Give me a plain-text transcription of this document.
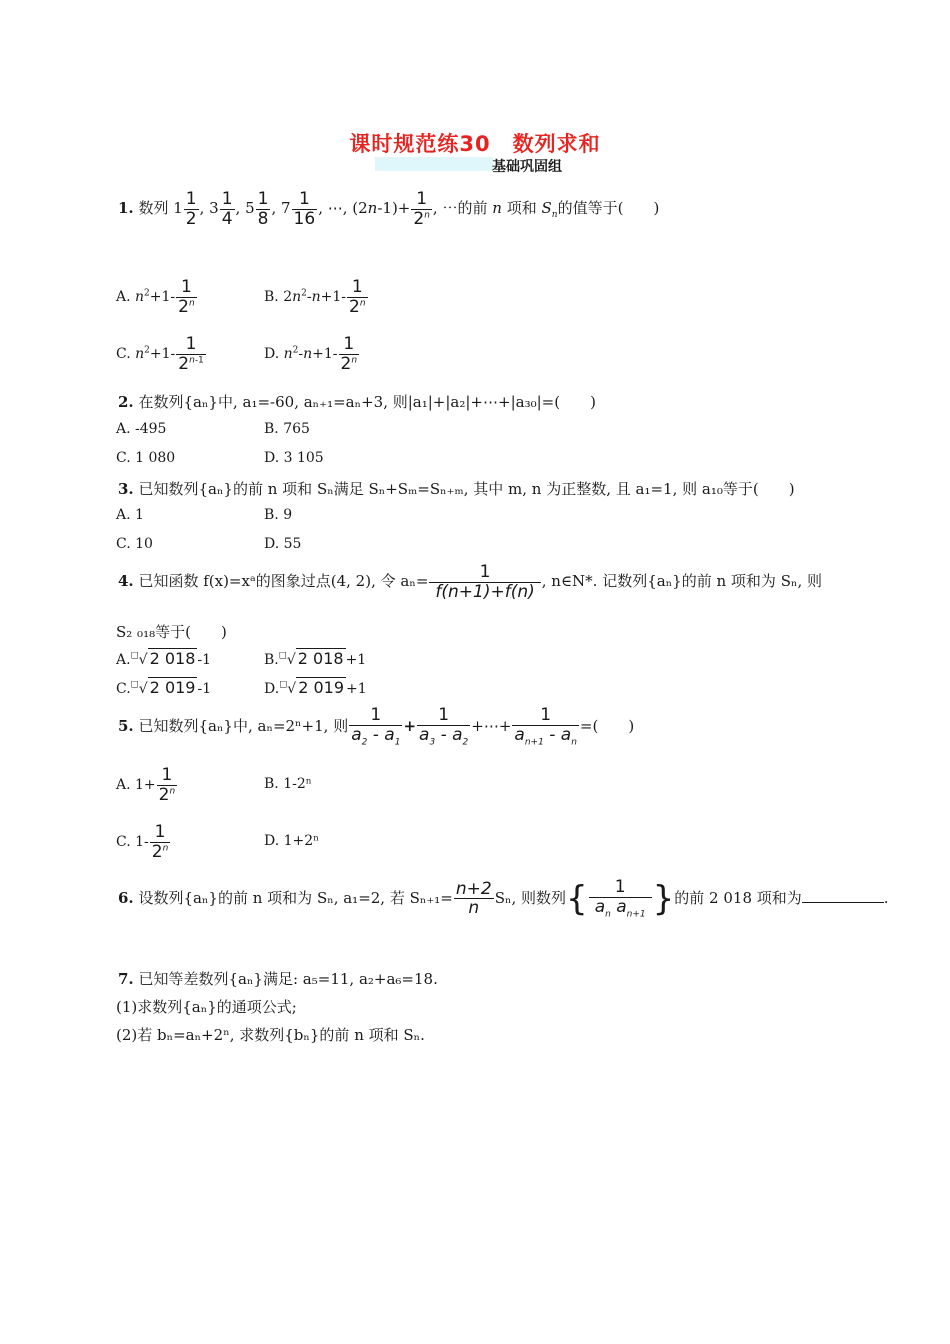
课时规范练30　数列求和
基础巩固组
1. 数列 $1 \frac{1}{2}$ , $3 \frac{1}{4}$ , $5 \frac{1}{8}$ , $7 \frac{1}{16}$ , ⋯, $(2n-1)+ \frac{1}{2^n}$ , ⋯的前 n 项和 $S_n$的值等于(　　)
A. $n^2+1- \frac{1}{2^n}$	B. $2n^2-n+1- \frac{1}{2^n}$
C. $n^2+1- \frac{1}{2^{n-1}}$	D. $n^2-n+1- \frac{1}{2^n}$
2. 在数列{aₙ}中, a₁=-60, aₙ₊₁=aₙ+3, 则|a₁|+|a₂|+⋯+|a₃₀|=(　　)
A. -495	B. 765
C. 1 080	D. 3 105
3. 已知数列{aₙ}的前 n 项和 Sₙ满足 Sₙ+Sₘ=Sₙ₊ₘ, 其中 m, n 为正整数, 且 a₁=1, 则 a₁₀等于(　　)
A. 1	B. 9
C. 10	D. 55
4. 已知函数 f(x)=xᵃ的图象过点(4, 2), 令 $a_n= \frac{1}{f(n+1)+f(n)}$ , n∈N*. 记数列{aₙ}的前 n 项和为 Sₙ, 则
S₂ ₀₁₈等于(　　)
A.☐√ 2 018 -1	B.☐√ 2 018 +1
C.☐√ 2 019 -1	D.☐√ 2 019 +1
5. 已知数列{aₙ}中, aₙ=2ⁿ+1, 则 $\frac{1}{a_2 - a_1} + \frac{1}{a_3 - a_2}$ +⋯+ $\frac{1}{a_{n+1} - a_n}$ =(　　)
A. $1+ \frac{1}{2^n}$	B. 1-2ⁿ
C. $1- \frac{1}{2^n}$	D. 1+2ⁿ
6. 设数列{aₙ}的前 n 项和为 Sₙ, a₁=2, 若 $S_{n+1}= \frac{n+2}{n} S_n$, 则数列{ $\frac{1}{a_n a_{n+1}}$ }的前 2 018 项和为	.
7. 已知等差数列{aₙ}满足: a₅=11, a₂+a₆=18.
(1)求数列{aₙ}的通项公式;
(2)若 bₙ=aₙ+2ⁿ, 求数列{bₙ}的前 n 项和 Sₙ.
